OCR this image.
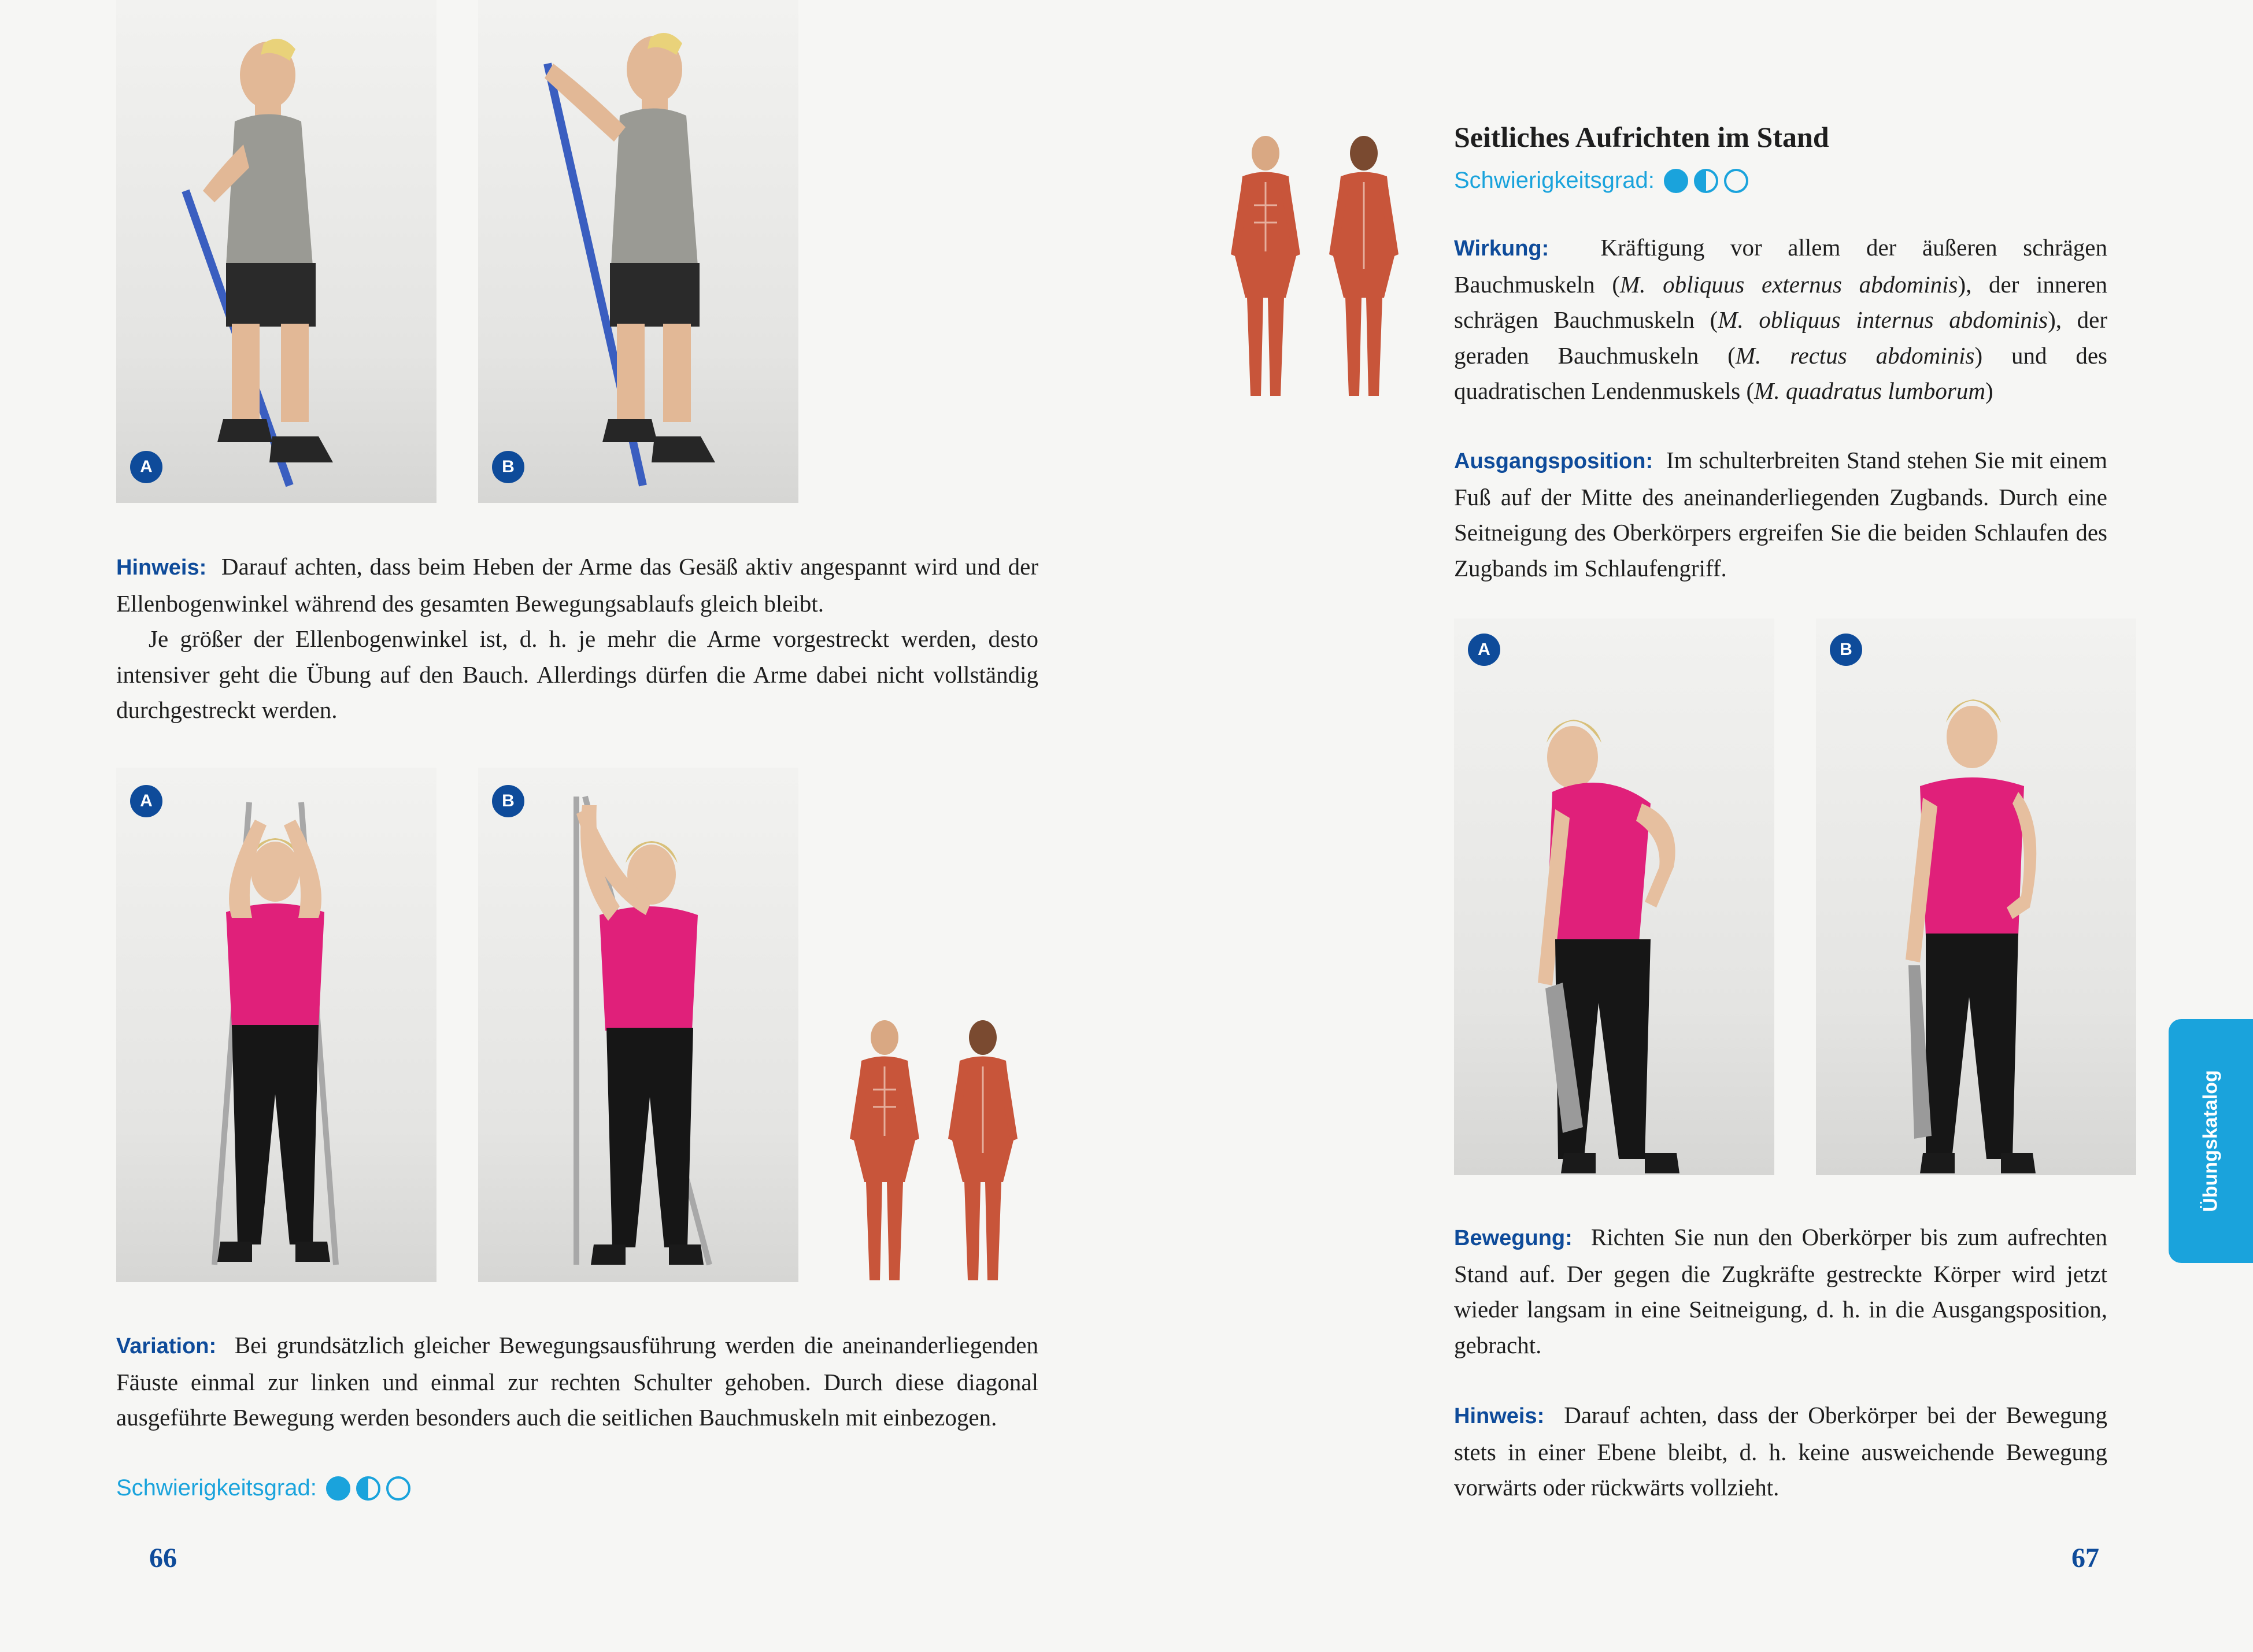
A	B

Hinweis: Darauf achten, dass beim Heben der Arme das Gesäß aktiv angespannt wird und der Ellenbogenwinkel während des gesamten Bewegungsablaufs gleich bleibt.

Je größer der Ellenbogenwinkel ist, d. h. je mehr die Arme vorgestreckt werden, desto intensiver geht die Übung auf den Bauch. Allerdings dürfen die Arme dabei nicht vollständig durchgestreckt werden.

A	B

Variation: Bei grundsätzlich gleicher Bewegungsausführung werden die aneinanderliegenden Fäuste einmal zur linken und einmal zur rechten Schulter gehoben. Durch diese diagonal ausgeführte Bewegung werden besonders auch die seitlichen Bauchmuskeln mit einbezogen.

Schwierigkeitsgrad:
66
Seitliches Aufrichten im Stand
Schwierigkeitsgrad:

Wirkung: Kräftigung vor allem der äußeren schrägen Bauchmuskeln (M. obliquus externus abdominis), der inneren schrägen Bauchmuskeln (M. obliquus internus abdominis), der geraden Bauchmuskeln (M. rectus abdominis) und des quadratischen Lendenmuskels (M. quadratus lumborum)

Ausgangsposition: Im schulterbreiten Stand stehen Sie mit einem Fuß auf der Mitte des aneinanderliegenden Zugbands. Durch eine Seitneigung des Oberkörpers ergreifen Sie die beiden Schlaufen des Zugbands im Schlaufengriff.

A	B

Bewegung: Richten Sie nun den Oberkörper bis zum aufrechten Stand auf. Der gegen die Zugkräfte gestreckte Körper wird jetzt wieder langsam in eine Seitneigung, d. h. in die Ausgangsposition, gebracht.

Hinweis: Darauf achten, dass der Oberkörper bei der Bewegung stets in einer Ebene bleibt, d. h. keine ausweichende Bewegung vorwärts oder rückwärts vollzieht.

67
Übungskatalog
